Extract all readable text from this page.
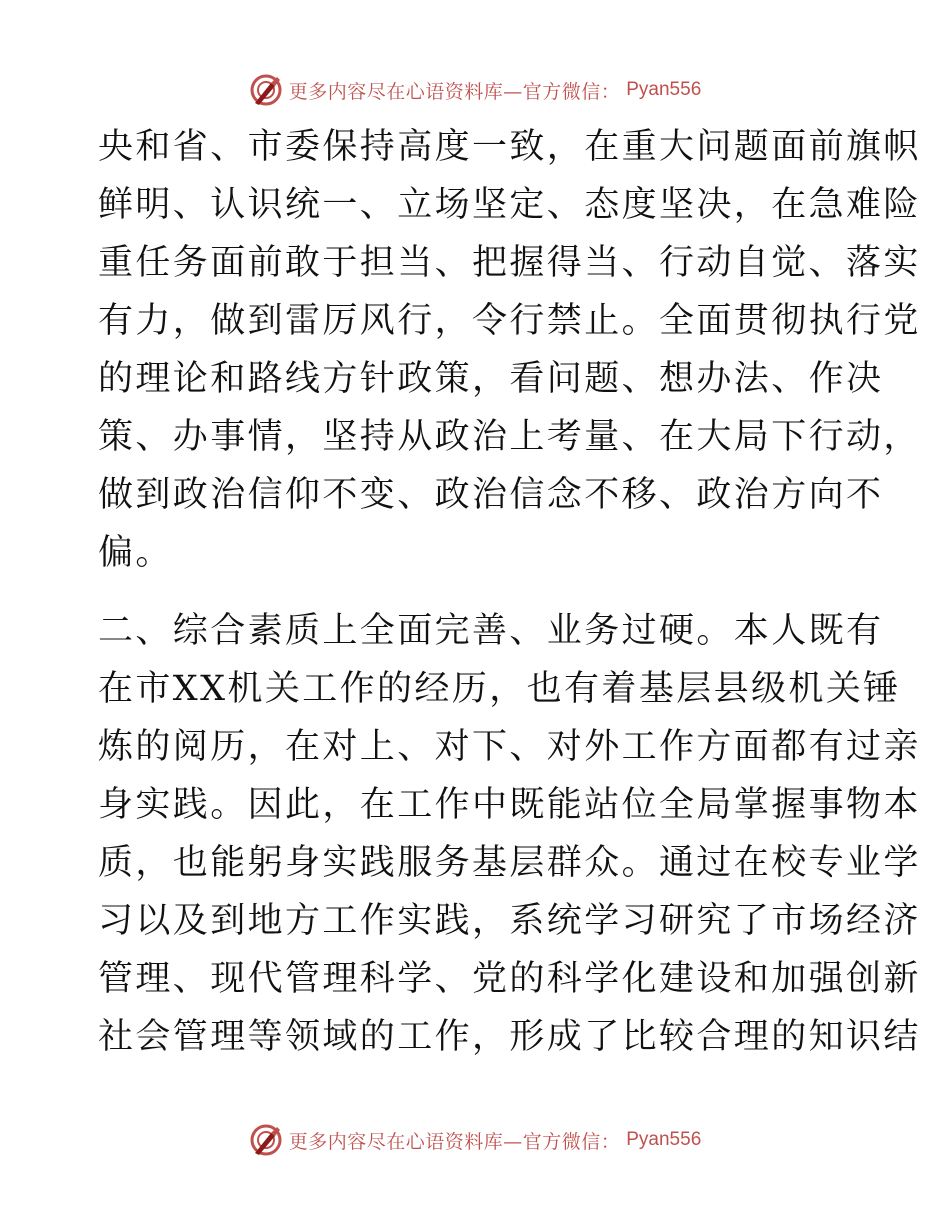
更多内容尽在心语资料库—官方微信： Pyan556
央和省、市委保持高度一致，在重大问题面前旗帜
鲜明、认识统一、立场坚定、态度坚决，在急难险
重任务面前敢于担当、把握得当、行动自觉、落实
有力，做到雷厉风行，令行禁止。全面贯彻执行党
的理论和路线方针政策，看问题、想办法、作决
策、办事情，坚持从政治上考量、在大局下行动，
做到政治信仰不变、政治信念不移、政治方向不
偏。
二、综合素质上全面完善、业务过硬。本人既有
在市XX机关工作的经历，也有着基层县级机关锤
炼的阅历，在对上、对下、对外工作方面都有过亲
身实践。因此，在工作中既能站位全局掌握事物本
质，也能躬身实践服务基层群众。通过在校专业学
习以及到地方工作实践，系统学习研究了市场经济
管理、现代管理科学、党的科学化建设和加强创新
社会管理等领域的工作，形成了比较合理的知识结
更多内容尽在心语资料库—官方微信： Pyan556
